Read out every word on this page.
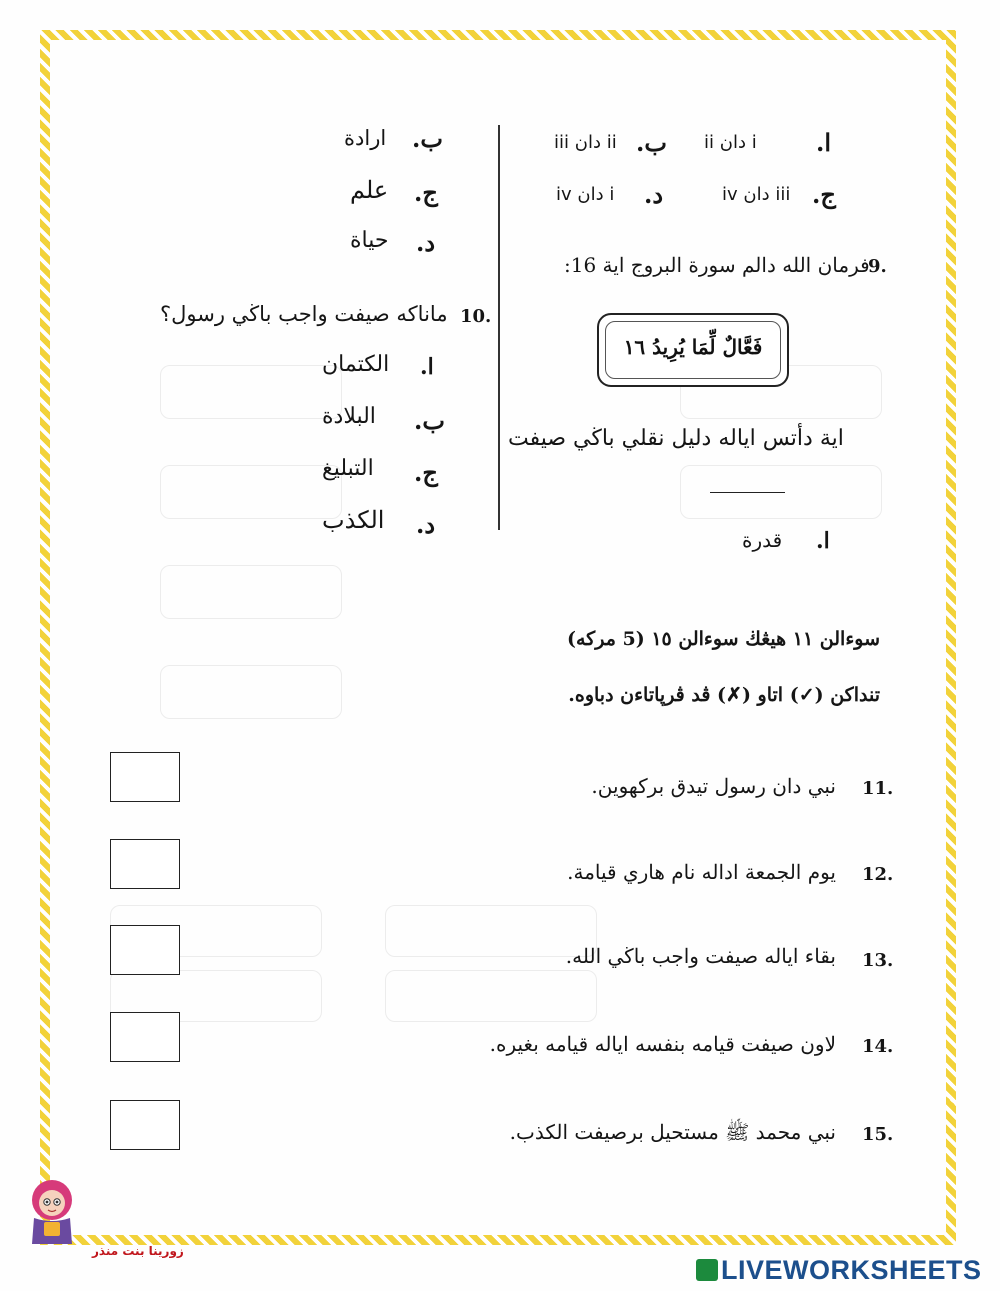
ا.
i دان ii
ب.
ii دان iii
ج.
iii دان iv
د.
i دان iv
9.
فرمان الله دالم سورة البروج اية 16:
فَعَّالٌ لِّمَا يُرِيدُ ١٦
اية دأتس اياله دليل نقلي باڬي صيفت
ا.
قدرة
ب.
ارادة
ج.
علم
د.
حياة
10.
ماناكه صيفت واجب باڬي رسول؟
ا.
الكتمان
ب.
البلادة
ج.
التبليغ
د.
الكذب
سوءالن ١١ هيڠڬ سوءالن ١٥ (5 مركه)
تنداكن (✓) اتاو (✗) ڤد ڤرڽاتاءن دباوه.
11.
نبي دان رسول تيدق بركهوين.
12.
يوم الجمعة اداله نام هاري قيامة.
13.
بقاء اياله صيفت واجب باڬي الله.
14.
لاون صيفت قيامه بنفسه اياله قيامه بغيره.
15.
نبي محمد ﷺ مستحيل برصيفت الكذب.
زورينا بنت منذر
LIVEWORKSHEETS
